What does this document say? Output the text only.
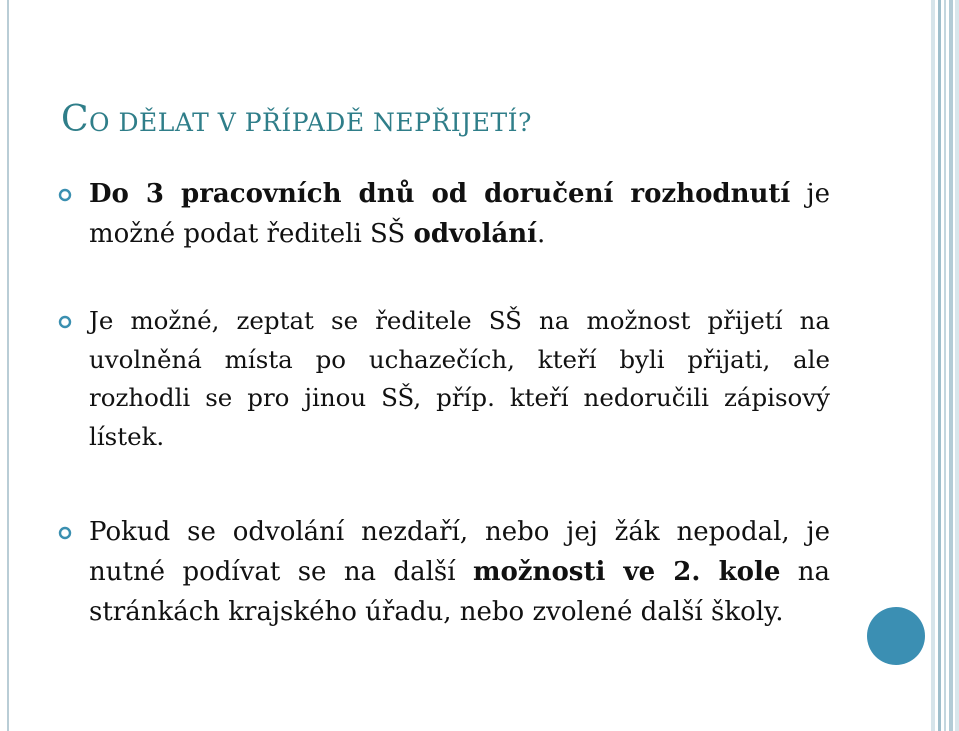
CO DĚLAT V PŘÍPADĚ NEPŘIJETÍ?

Do 3 pracovních dnů od doručení rozhodnutí je možné podat řediteli SŠ odvolání.

Je možné, zeptat se ředitele SŠ na možnost přijetí na uvolněná místa po uchazečích, kteří byli přijati, ale rozhodli se pro jinou SŠ, příp. kteří nedoručili zápisový lístek.

Pokud se odvolání nezdaří, nebo jej žák nepodal, je nutné podívat se na další možnosti ve 2. kole na stránkách krajského úřadu, nebo zvolené další školy.
